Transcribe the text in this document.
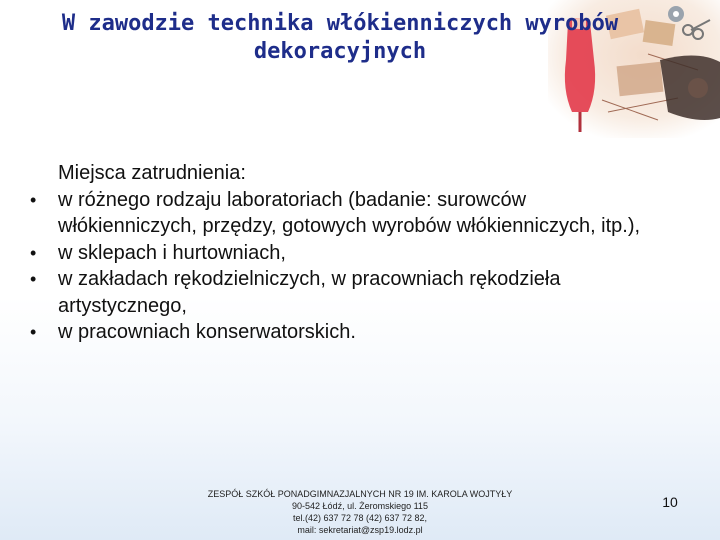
W zawodzie technika włókienniczych wyrobów
dekoracyjnych

Miejsca zatrudnienia:

• w różnego rodzaju laboratoriach (badanie: surowców włókienniczych, przędzy, gotowych wyrobów włókienniczych, itp.),
• w sklepach i hurtowniach,
• w zakładach rękodzielniczych, w pracowniach rękodzieła artystycznego,
• w pracowniach konserwatorskich.
ZESPÓŁ SZKÓŁ PONADGIMNAZJALNYCH NR 19 IM. KAROLA WOJTYŁY
90-542 Łódź, ul. Żeromskiego 115
tel.(42) 637 72 78 (42) 637 72 82,
mail: sekretariat@zsp19.lodz.pl
10
